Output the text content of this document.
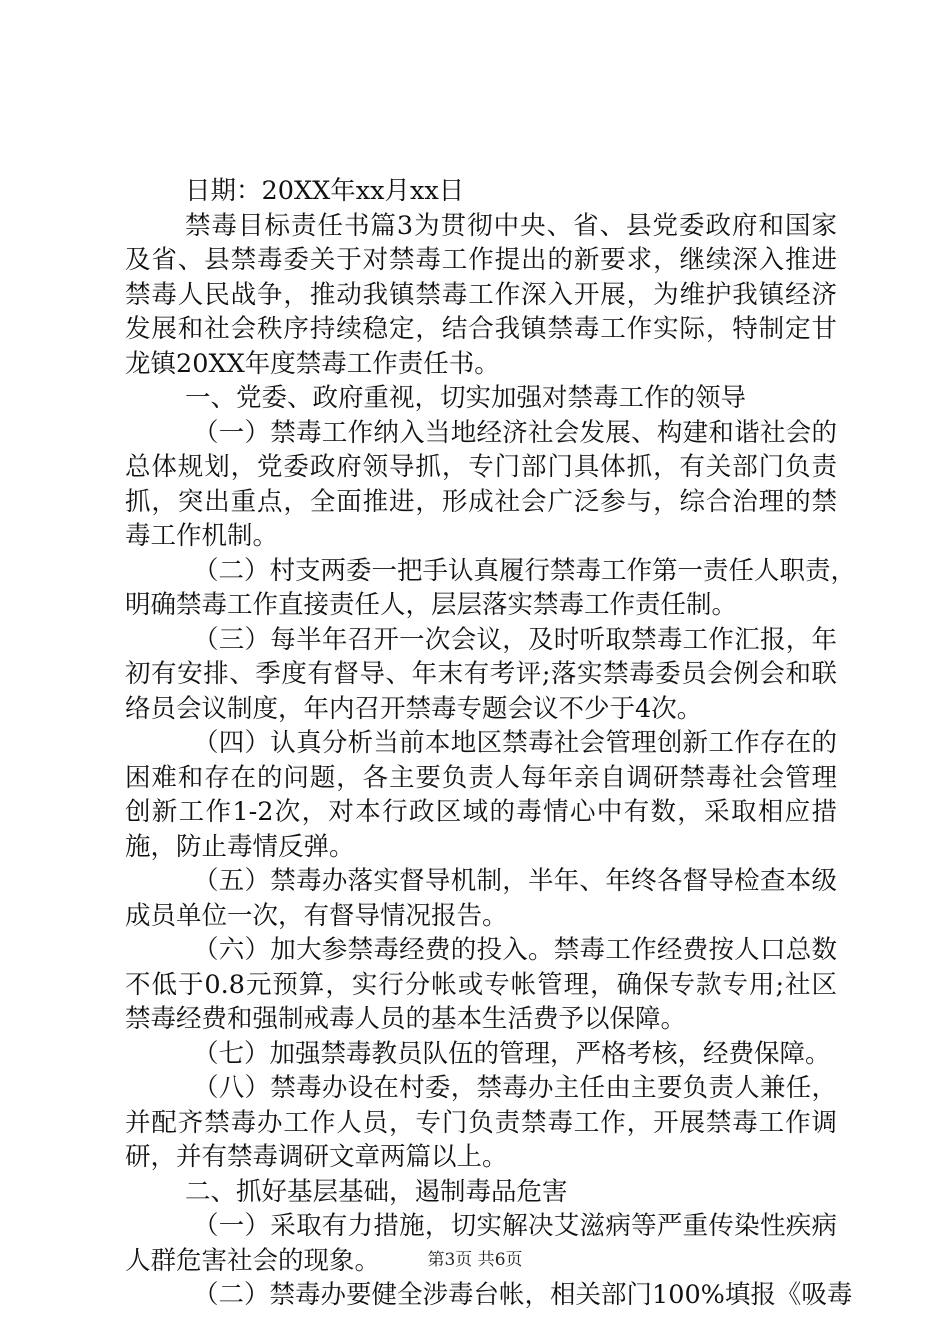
日期：20XX年xx月xx日
禁毒目标责任书篇3为贯彻中央、省、县党委政府和国家
及省、县禁毒委关于对禁毒工作提出的新要求，继续深入推进
禁毒人民战争，推动我镇禁毒工作深入开展，为维护我镇经济
发展和社会秩序持续稳定，结合我镇禁毒工作实际，特制定甘
龙镇20XX年度禁毒工作责任书。
一、党委、政府重视，切实加强对禁毒工作的领导
（一）禁毒工作纳入当地经济社会发展、构建和谐社会的
总体规划，党委政府领导抓，专门部门具体抓，有关部门负责
抓，突出重点，全面推进，形成社会广泛参与，综合治理的禁
毒工作机制。
（二）村支两委一把手认真履行禁毒工作第一责任人职责，
明确禁毒工作直接责任人，层层落实禁毒工作责任制。
（三）每半年召开一次会议，及时听取禁毒工作汇报，年
初有安排、季度有督导、年末有考评;落实禁毒委员会例会和联
络员会议制度，年内召开禁毒专题会议不少于4次。
（四）认真分析当前本地区禁毒社会管理创新工作存在的
困难和存在的问题，各主要负责人每年亲自调研禁毒社会管理
创新工作1-2次，对本行政区域的毒情心中有数，采取相应措
施，防止毒情反弹。
（五）禁毒办落实督导机制，半年、年终各督导检查本级
成员单位一次，有督导情况报告。
（六）加大参禁毒经费的投入。禁毒工作经费按人口总数
不低于0.8元预算，实行分帐或专帐管理，确保专款专用;社区
禁毒经费和强制戒毒人员的基本生活费予以保障。
（七）加强禁毒教员队伍的管理，严格考核，经费保障。
（八）禁毒办设在村委，禁毒办主任由主要负责人兼任，
并配齐禁毒办工作人员，专门负责禁毒工作，开展禁毒工作调
研，并有禁毒调研文章两篇以上。
二、抓好基层基础，遏制毒品危害
（一）采取有力措施，切实解决艾滋病等严重传染性疾病
人群危害社会的现象。
（二）禁毒办要健全涉毒台帐，相关部门100%填报《吸毒
第3页 共6页
